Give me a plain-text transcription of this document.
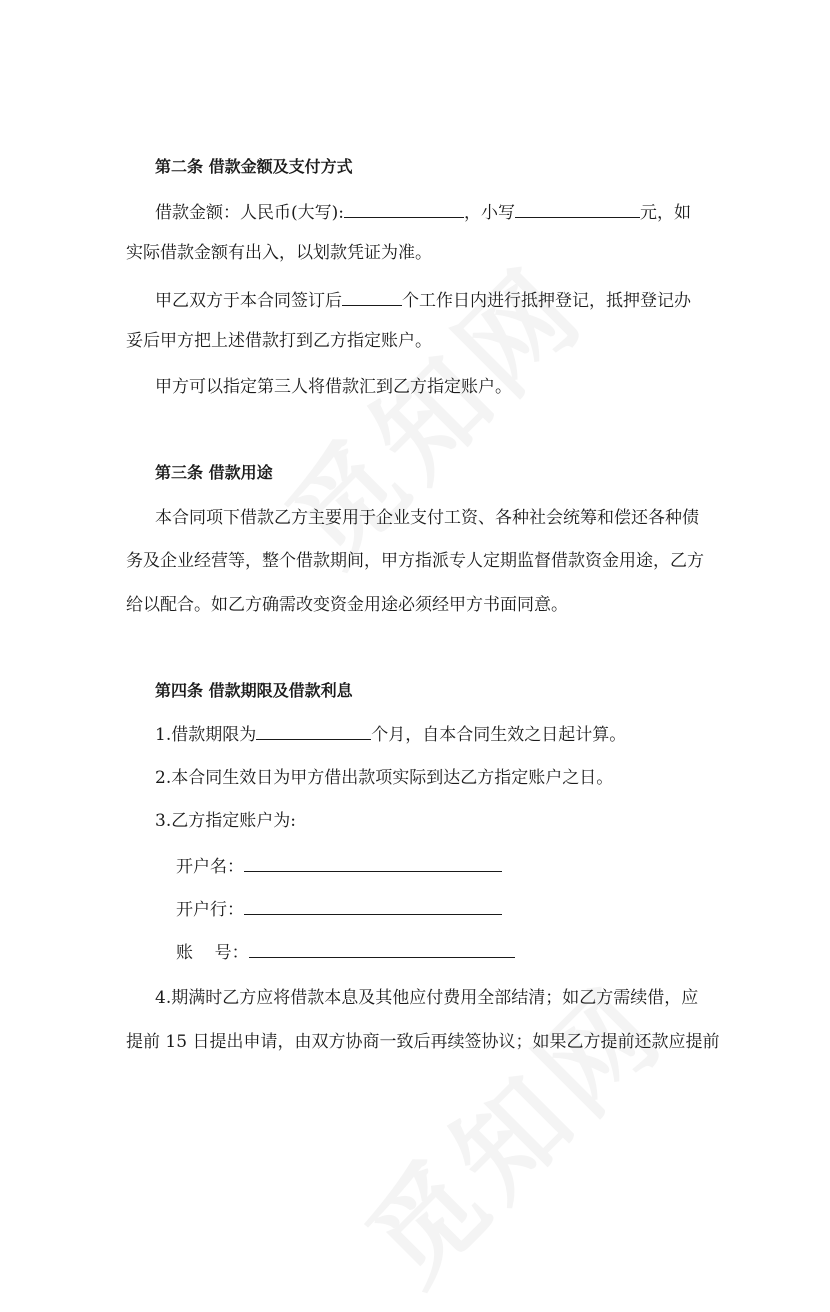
第二条 借款金额及支付方式
借款金额：人民币(大写):	，小写	元，如
实际借款金额有出入，以划款凭证为准。
甲乙双方于本合同签订后	个工作日内进行抵押登记，抵押登记办
妥后甲方把上述借款打到乙方指定账户。
甲方可以指定第三人将借款汇到乙方指定账户。
第三条 借款用途
本合同项下借款乙方主要用于企业支付工资、各种社会统筹和偿还各种债
务及企业经营等，整个借款期间，甲方指派专人定期监督借款资金用途，乙方
给以配合。如乙方确需改变资金用途必须经甲方书面同意。
第四条 借款期限及借款利息
1.借款期限为	个月，自本合同生效之日起计算。
2.本合同生效日为甲方借出款项实际到达乙方指定账户之日。
3.乙方指定账户为:
开户名：
开户行：
账    号：
4.期满时乙方应将借款本息及其他应付费用全部结清；如乙方需续借，应
提前 15 日提出申请，由双方协商一致后再续签协议；如果乙方提前还款应提前
